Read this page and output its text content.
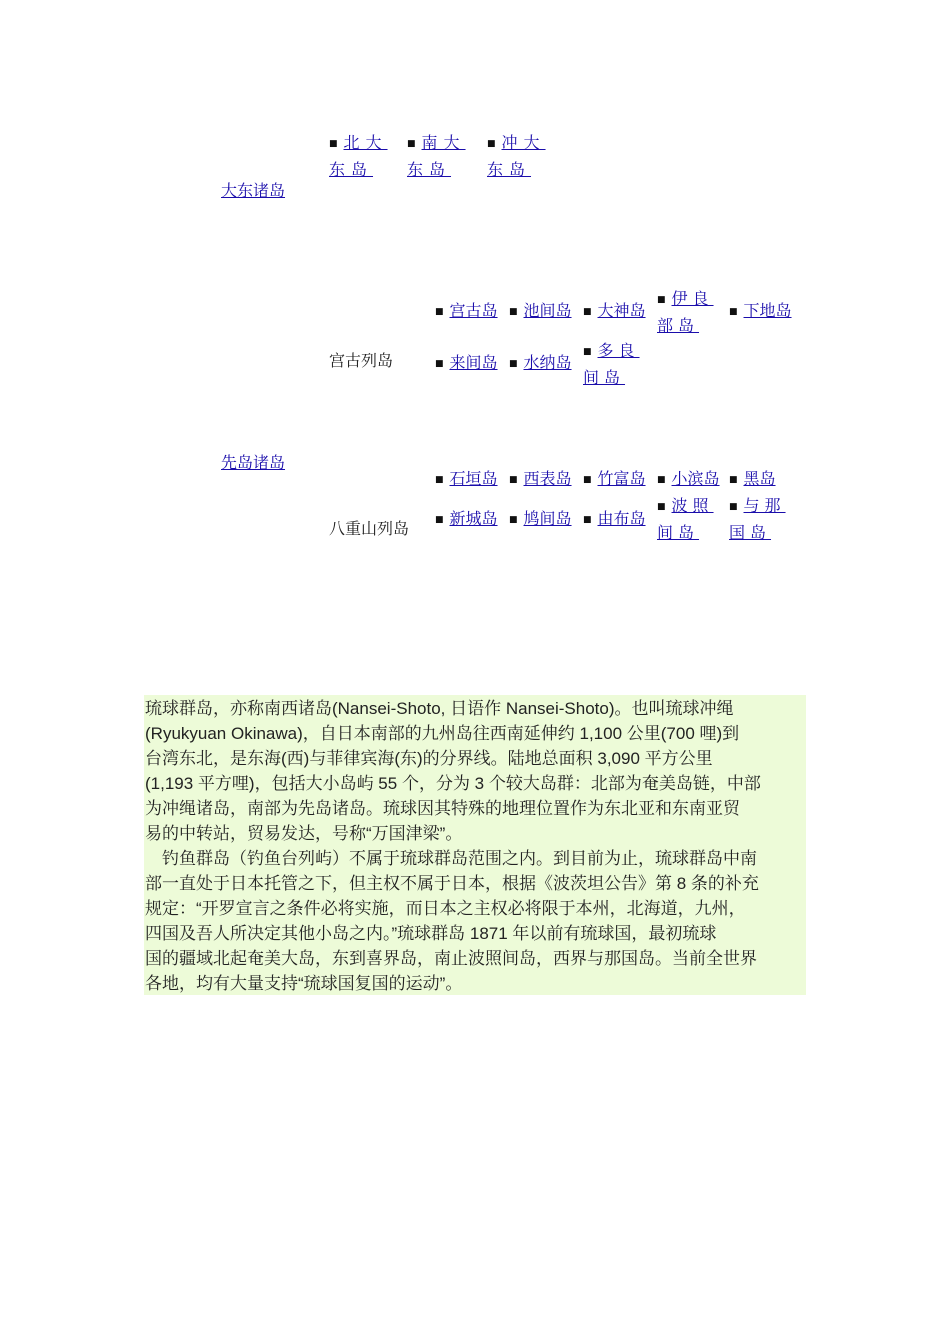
大东诸岛
■ 北大东岛
■ 南大东岛
■ 冲大东岛
先岛诸岛
宫古列岛
■ 宫古岛 ■ 池间岛 ■ 大神岛
■ 伊良部岛
■ 下地岛
■ 来间岛 ■ 水纳岛
■ 多良间岛
八重山列岛
■ 石垣岛 ■ 西表岛 ■ 竹富岛 ■ 小滨岛 ■ 黑岛
■ 新城岛 ■ 鸠间岛 ■ 由布岛
■ 波照间岛
■ 与那国岛
琉球群岛，亦称南西诸岛(Nansei-Shoto, 日语作 Nansei-Shoto)。也叫琉球冲绳
(Ryukyuan Okinawa)，自日本南部的九州岛往西南延伸约 1,100 公里(700 哩)到
台湾东北，是东海(西)与菲律宾海(东)的分界线。陆地总面积 3,090 平方公里
(1,193 平方哩)，包括大小岛屿 55 个，分为 3 个较大岛群：北部为奄美岛链，中部
为冲绳诸岛，南部为先岛诸岛。琉球因其特殊的地理位置作为东北亚和东南亚贸
易的中转站，贸易发达，号称“万国津梁”。
　钓鱼群岛（钓鱼台列屿）不属于琉球群岛范围之内。到目前为止，琉球群岛中南
部一直处于日本托管之下，但主权不属于日本，根据《波茨坦公告》第 8 条的补充
规定：“开罗宣言之条件必将实施，而日本之主权必将限于本州，北海道，九州，
四国及吾人所决定其他小岛之内。”琉球群岛 1871 年以前有琉球国，最初琉球
国的疆域北起奄美大岛，东到喜界岛，南止波照间岛，西界与那国岛。当前全世界
各地，均有大量支持“琉球国复国的运动”。
